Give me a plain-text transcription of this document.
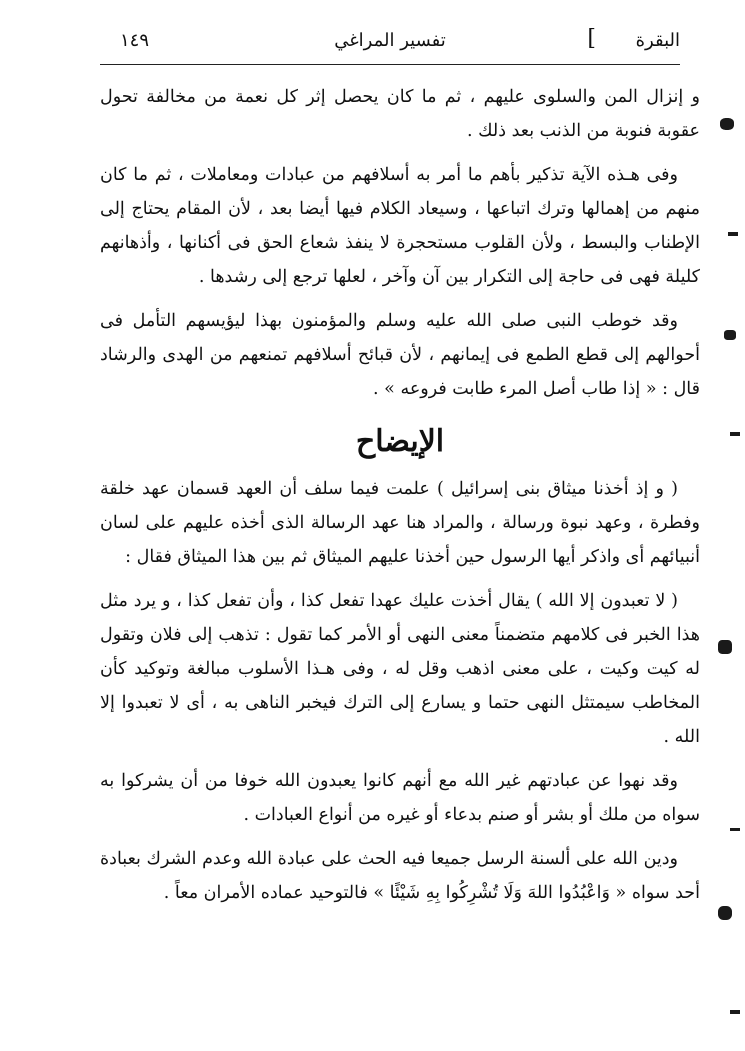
البقرة
]
تفسير المراغي
١٤٩

و إنزال المن والسلوى عليهم ، ثم ما كان يحصل إثر كل نعمة من مخالفة تحول عقوبة فنوبة من الذنب بعد ذلك .

وفى هـذه الآية تذكير بأهم ما أمر به أسلافهم من عبادات ومعاملات ، ثم ما كان منهم من إهمالها وترك اتباعها ، وسيعاد الكلام فيها أيضا بعد ، لأن المقام يحتاج إلى الإطناب والبسط ، ولأن القلوب مستحجرة لا ينفذ شعاع الحق فى أكنانها ، وأذهانهم كليلة فهى فى حاجة إلى التكرار بين آن وآخر ، لعلها ترجع إلى رشدها .

وقد خوطب النبى صلى الله عليه وسلم والمؤمنون بهذا ليؤيسهم التأمل فى أحوالهم إلى قطع الطمع فى إيمانهم ، لأن قبائح أسلافهم تمنعهم من الهدى والرشاد قال : « إذا طاب أصل المرء طابت فروعه » .

الإيضاح

( و إذ أخذنا ميثاق بنى إسرائيل ) علمت فيما سلف أن العهد قسمان عهد خلقة وفطرة ، وعهد نبوة ورسالة ، والمراد هنا عهد الرسالة الذى أخذه عليهم على لسان أنبيائهم أى واذكر أيها الرسول حين أخذنا عليهم الميثاق ثم بين هذا الميثاق فقال :

( لا تعبدون إلا الله ) يقال أخذت عليك عهدا تفعل كذا ، وأن تفعل كذا ، و يرد مثل هذا الخبر فى كلامهم متضمناً معنى النهى أو الأمر كما تقول : تذهب إلى فلان وتقول له كيت وكيت ، على معنى اذهب وقل له ، وفى هـذا الأسلوب مبالغة وتوكيد كأن المخاطب سيمتثل النهى حتما و يسارع إلى الترك فيخبر الناهى به ، أى لا تعبدوا إلا الله .

وقد نهوا عن عبادتهم غير الله مع أنهم كانوا يعبدون الله خوفا من أن يشركوا به سواه من ملك أو بشر أو صنم بدعاء أو غيره من أنواع العبادات .

ودين الله على ألسنة الرسل جميعا فيه الحث على عبادة الله وعدم الشرك بعبادة أحد سواه « وَاعْبُدُوا اللهَ وَلَا تُشْرِكُوا بِهِ شَيْئًا » فالتوحيد عماده الأمران معاً .
